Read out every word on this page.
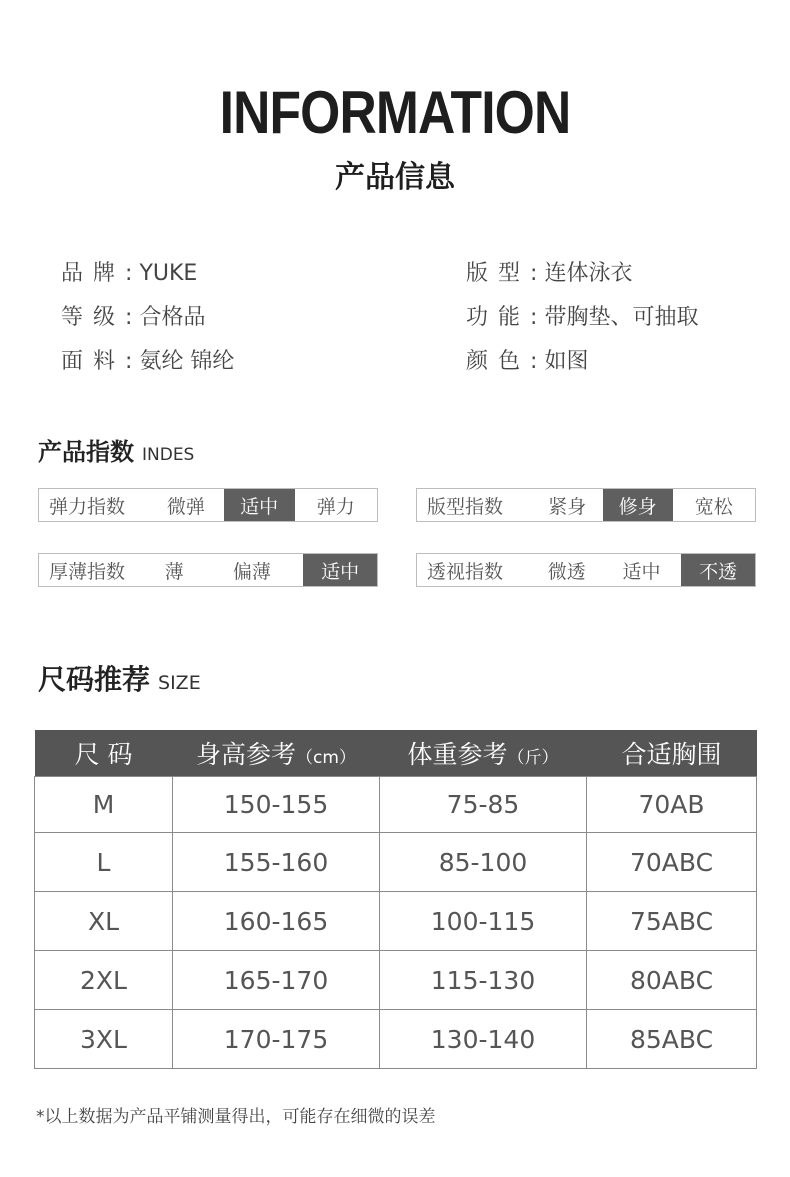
INFORMATION
产品信息
品牌: YUKE
等级: 合格品
面料: 氨纶 锦纶
版型: 连体泳衣
功能: 带胸垫、可抽取
颜色: 如图
产品指数 INDES
弹力指数	微弹	适中	弹力	版型指数	紧身	修身	宽松
厚薄指数	薄	偏薄	适中	透视指数	微透	适中	不透
尺码推荐 SIZE
尺 码	身高参考（cm）	体重参考（斤）	合适胸围
M	150-155	75-85	70AB
L	155-160	85-100	70ABC
XL	160-165	100-115	75ABC
2XL	165-170	115-130	80ABC
3XL	170-175	130-140	85ABC
*以上数据为产品平铺测量得出，可能存在细微的误差
